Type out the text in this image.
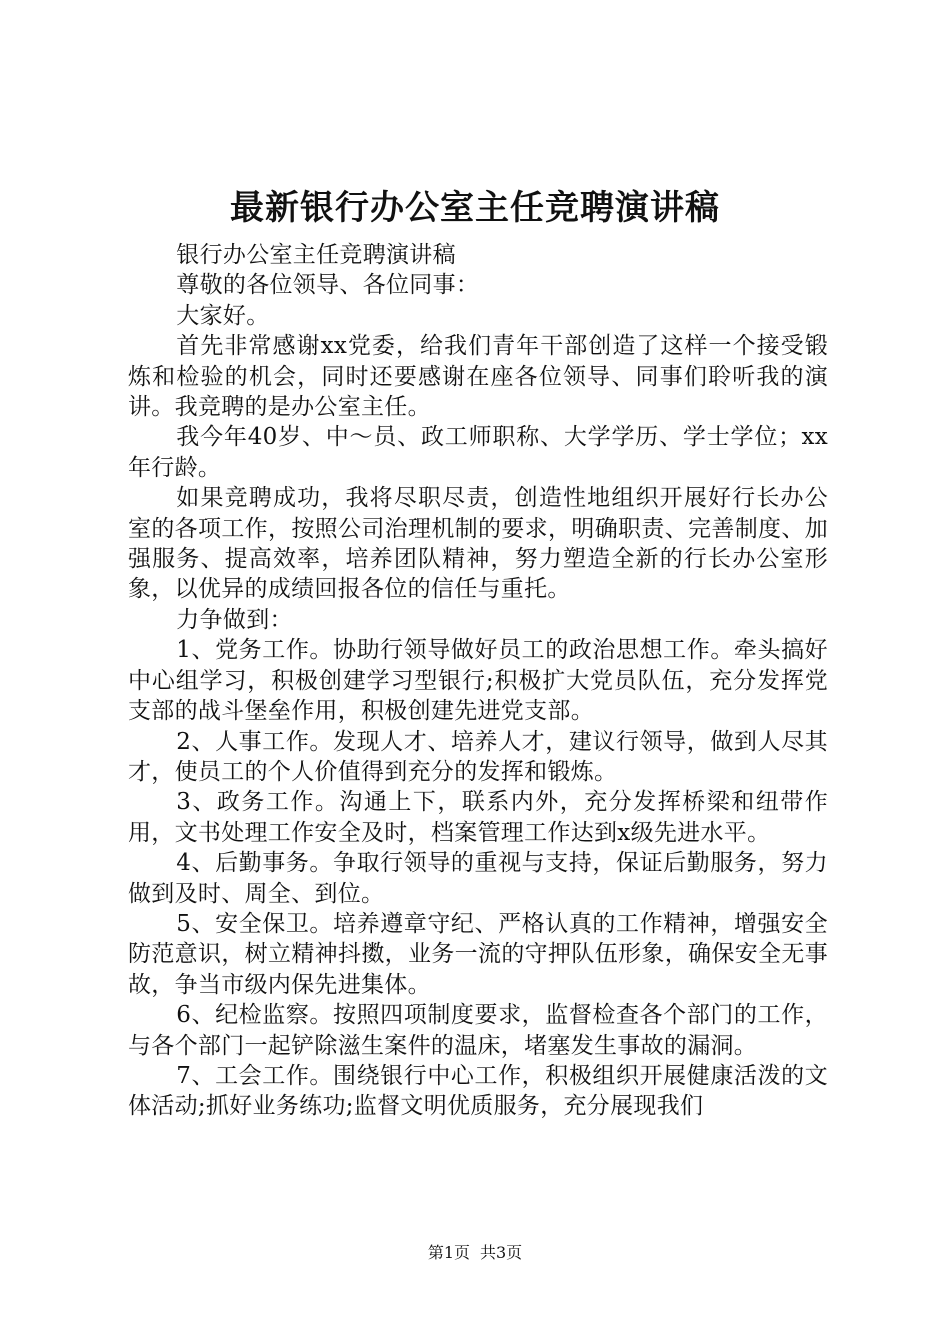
最新银行办公室主任竞聘演讲稿

银行办公室主任竞聘演讲稿

尊敬的各位领导、各位同事：

大家好。

首先非常感谢xx党委，给我们青年干部创造了这样一个接受锻炼和检验的机会，同时还要感谢在座各位领导、同事们聆听我的演讲。我竞聘的是办公室主任。

我今年40岁、中～员、政工师职称、大学学历、学士学位；xx年行龄。

如果竞聘成功，我将尽职尽责，创造性地组织开展好行长办公室的各项工作，按照公司治理机制的要求，明确职责、完善制度、加强服务、提高效率，培养团队精神，努力塑造全新的行长办公室形象，以优异的成绩回报各位的信任与重托。

力争做到：

1、党务工作。协助行领导做好员工的政治思想工作。牵头搞好中心组学习，积极创建学习型银行;积极扩大党员队伍，充分发挥党支部的战斗堡垒作用，积极创建先进党支部。

2、人事工作。发现人才、培养人才，建议行领导，做到人尽其才，使员工的个人价值得到充分的发挥和锻炼。

3、政务工作。沟通上下，联系内外，充分发挥桥梁和纽带作用，文书处理工作安全及时，档案管理工作达到x级先进水平。

4、后勤事务。争取行领导的重视与支持，保证后勤服务，努力做到及时、周全、到位。

5、安全保卫。培养遵章守纪、严格认真的工作精神，增强安全防范意识，树立精神抖擞，业务一流的守押队伍形象，确保安全无事故，争当市级内保先进集体。

6、纪检监察。按照四项制度要求，监督检查各个部门的工作，与各个部门一起铲除滋生案件的温床，堵塞发生事故的漏洞。

7、工会工作。围绕银行中心工作，积极组织开展健康活泼的文体活动;抓好业务练功;监督文明优质服务，充分展现我们

第1页 共3页
